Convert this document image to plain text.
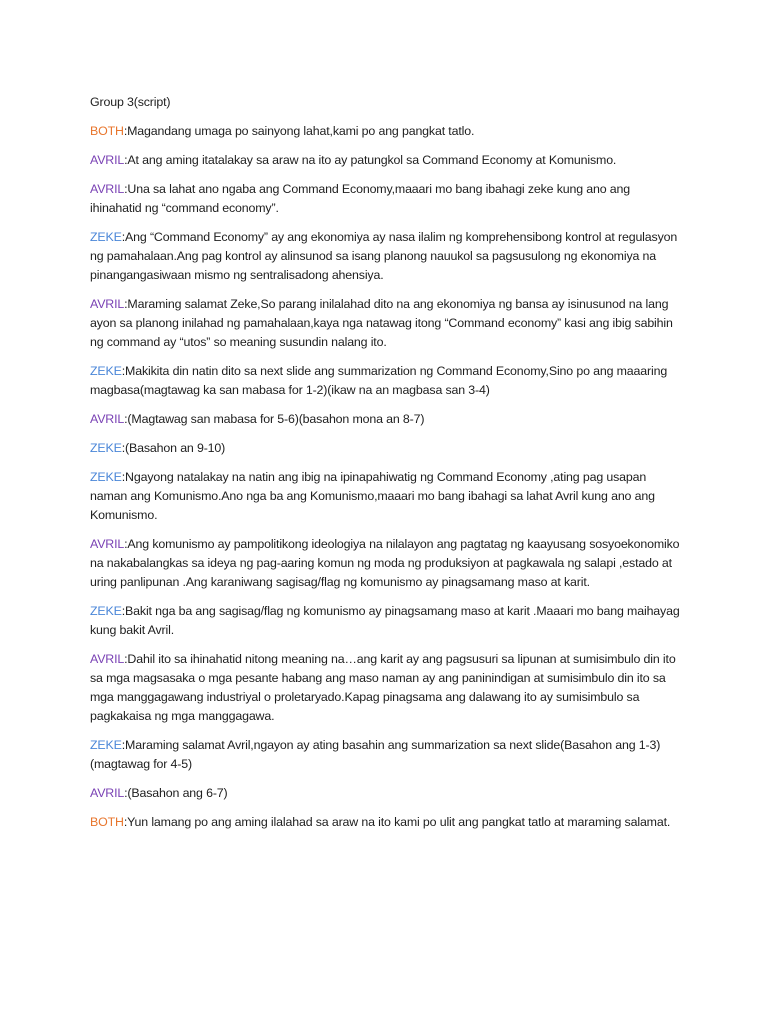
Group 3(script)

BOTH:Magandang umaga po sainyong lahat,kami po ang pangkat tatlo.

AVRIL:At ang aming itatalakay sa araw na ito ay patungkol sa Command Economy at Komunismo.

AVRIL:Una sa lahat ano ngaba ang Command Economy,maaari mo bang ibahagi zeke kung ano ang ihinahatid ng “command economy”.

ZEKE:Ang “Command Economy” ay ang ekonomiya ay nasa ilalim ng komprehensibong kontrol at regulasyon ng pamahalaan.Ang pag kontrol ay alinsunod sa isang planong nauukol sa pagsusulong ng ekonomiya na pinangangasiwaan mismo ng sentralisadong ahensiya.

AVRIL:Maraming salamat Zeke,So parang inilalahad dito na ang ekonomiya ng bansa ay isinusunod na lang ayon sa planong inilahad ng pamahalaan,kaya nga natawag itong “Command economy” kasi ang ibig sabihin ng command ay “utos” so meaning susundin nalang ito.

ZEKE:Makikita din natin dito sa next slide ang summarization ng Command Economy,Sino po ang maaaring magbasa(magtawag ka san mabasa for 1-2)(ikaw na an magbasa san 3-4)

AVRIL:(Magtawag san mabasa for 5-6)(basahon mona an 8-7)

ZEKE:(Basahon an 9-10)

ZEKE:Ngayong natalakay na natin ang ibig na ipinapahiwatig ng Command Economy ,ating pag usapan naman ang Komunismo.Ano nga ba ang Komunismo,maaari mo bang ibahagi sa lahat Avril kung ano ang Komunismo.

AVRIL:Ang komunismo ay pampolitikong ideologiya na nilalayon ang pagtatag ng kaayusang sosyoekonomiko na nakabalangkas sa ideya ng pag-aaring komun ng moda ng produksiyon at pagkawala ng salapi ,estado at uring panlipunan .Ang karaniwang sagisag/flag ng komunismo ay pinagsamang maso at karit.

ZEKE:Bakit nga ba ang sagisag/flag ng komunismo ay pinagsamang maso at karit .Maaari mo bang maihayag kung bakit Avril.

AVRIL:Dahil ito sa ihinahatid nitong meaning na…ang karit ay ang pagsusuri sa lipunan at sumisimbulo din ito sa mga magsasaka o mga pesante habang ang maso naman ay ang paninindigan at sumisimbulo din ito sa mga manggagawang industriyal o proletaryado.Kapag pinagsama ang dalawang ito ay sumisimbulo sa pagkakaisa ng mga manggagawa.

ZEKE:Maraming salamat Avril,ngayon ay ating basahin ang summarization sa next slide(Basahon ang 1-3)(magtawag for 4-5)

AVRIL:(Basahon ang 6-7)

BOTH:Yun lamang po ang aming ilalahad sa araw na ito kami po ulit ang pangkat tatlo at maraming salamat.
